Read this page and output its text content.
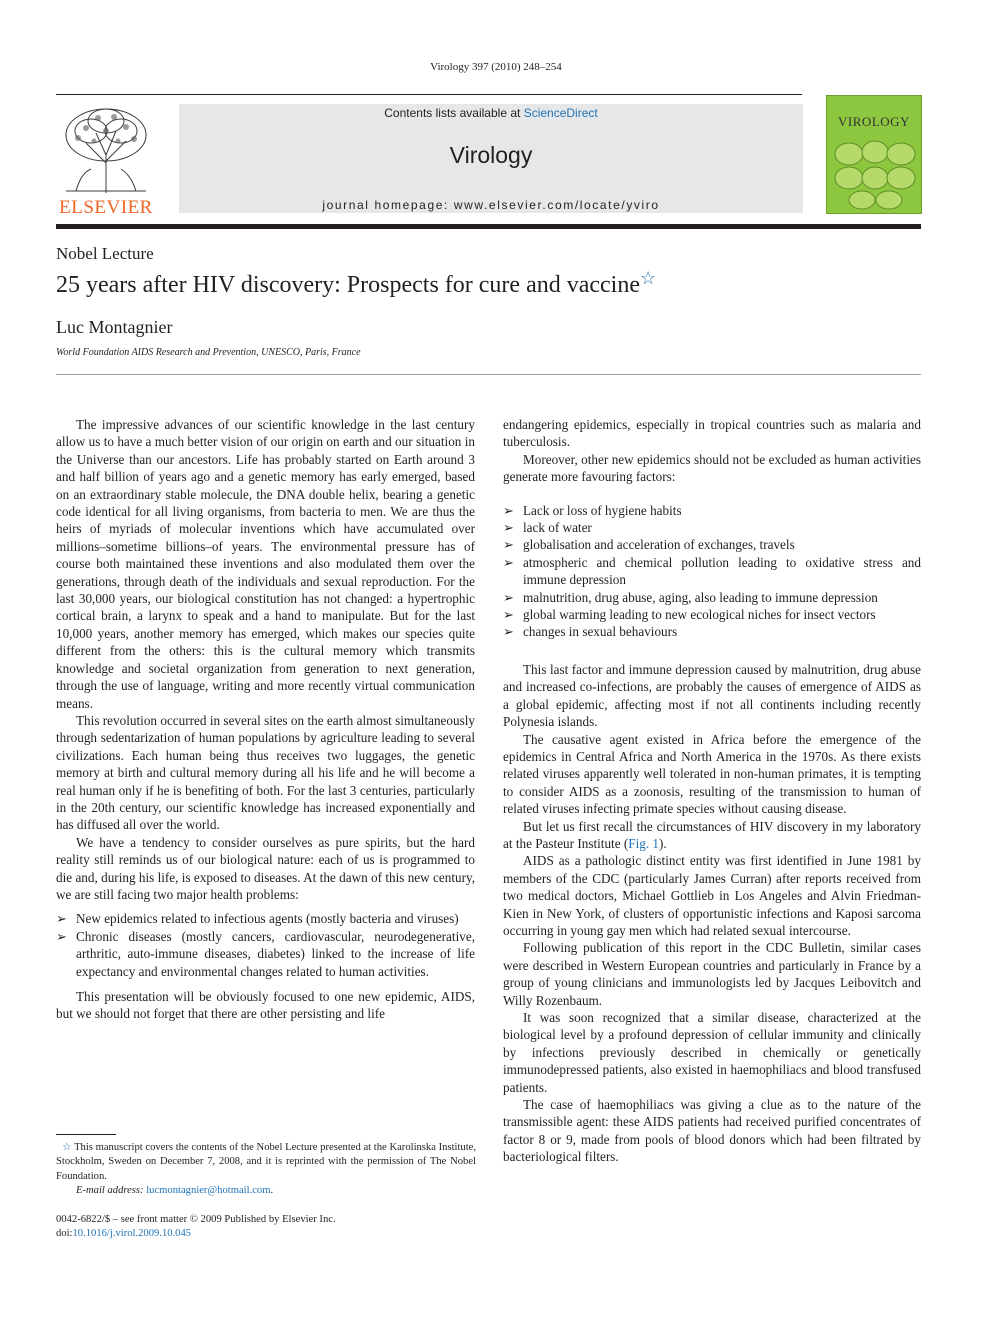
Virology 397 (2010) 248–254
ELSEVIER
Contents lists available at ScienceDirect
Virology
journal homepage: www.elsevier.com/locate/yviro
VIROLOGY
Nobel Lecture
25 years after HIV discovery: Prospects for cure and vaccine☆
Luc Montagnier
World Foundation AIDS Research and Prevention, UNESCO, Paris, France

The impressive advances of our scientific knowledge in the last century allow us to have a much better vision of our origin on earth and our situation in the Universe than our ancestors. Life has probably started on Earth around 3 and half billion of years ago and a genetic memory has early emerged, based on an extraordinary stable molecule, the DNA double helix, bearing a genetic code identical for all living organisms, from bacteria to men. We are thus the heirs of myriads of molecular inventions which have accumulated over millions–sometime billions–of years. The environmental pressure has of course both maintained these inventions and also modulated them over the generations, through death of the individuals and sexual reproduction. For the last 30,000 years, our biological constitution has not changed: a hypertrophic cortical brain, a larynx to speak and a hand to manipulate. But for the last 10,000 years, another memory has emerged, which makes our species quite different from the others: this is the cultural memory which transmits knowledge and societal organization from generation to next generation, through the use of language, writing and more recently virtual communication means.

This revolution occurred in several sites on the earth almost simultaneously through sedentarization of human populations by agriculture leading to several civilizations. Each human being thus receives two luggages, the genetic memory at birth and cultural memory during all his life and he will become a real human only if he is benefiting of both. For the last 3 centuries, particularly in the 20th century, our scientific knowledge has increased exponentially and has diffused all over the world.

We have a tendency to consider ourselves as pure spirits, but the hard reality still reminds us of our biological nature: each of us is programmed to die and, during his life, is exposed to diseases. At the dawn of this new century, we are still facing two major health problems:

➢ New epidemics related to infectious agents (mostly bacteria and viruses)
➢ Chronic diseases (mostly cancers, cardiovascular, neurodegenerative, arthritic, auto-immune diseases, diabetes) linked to the increase of life expectancy and environmental changes related to human activities.

This presentation will be obviously focused to one new epidemic, AIDS, but we should not forget that there are other persisting and life

endangering epidemics, especially in tropical countries such as malaria and tuberculosis.

Moreover, other new epidemics should not be excluded as human activities generate more favouring factors:

➢ Lack or loss of hygiene habits
➢ lack of water
➢ globalisation and acceleration of exchanges, travels
➢ atmospheric and chemical pollution leading to oxidative stress and immune depression
➢ malnutrition, drug abuse, aging, also leading to immune depression
➢ global warming leading to new ecological niches for insect vectors
➢ changes in sexual behaviours

This last factor and immune depression caused by malnutrition, drug abuse and increased co-infections, are probably the causes of emergence of AIDS as a global epidemic, affecting most if not all continents including recently Polynesia islands.

The causative agent existed in Africa before the emergence of the epidemics in Central Africa and North America in the 1970s. As there exists related viruses apparently well tolerated in non-human primates, it is tempting to consider AIDS as a zoonosis, resulting of the transmission to human of related viruses infecting primate species without causing disease.

But let us first recall the circumstances of HIV discovery in my laboratory at the Pasteur Institute (Fig. 1).

AIDS as a pathologic distinct entity was first identified in June 1981 by members of the CDC (particularly James Curran) after reports received from two medical doctors, Michael Gottlieb in Los Angeles and Alvin Friedman-Kien in New York, of clusters of opportunistic infections and Kaposi sarcoma occurring in young gay men which had related sexual intercourse.

Following publication of this report in the CDC Bulletin, similar cases were described in Western European countries and particularly in France by a group of young clinicians and immunologists led by Jacques Leibovitch and Willy Rozenbaum.

It was soon recognized that a similar disease, characterized at the biological level by a profound depression of cellular immunity and clinically by infections previously described in chemically or genetically immunodepressed patients, also existed in haemophiliacs and blood transfused patients.

The case of haemophiliacs was giving a clue as to the nature of the transmissible agent: these AIDS patients had received purified concentrates of factor 8 or 9, made from pools of blood donors which had been filtrated by bacteriological filters.

☆ This manuscript covers the contents of the Nobel Lecture presented at the Karolinska Institute, Stockholm, Sweden on December 7, 2008, and it is reprinted with the permission of The Nobel Foundation.
E-mail address: lucmontagnier@hotmail.com.
0042-6822/$ – see front matter © 2009 Published by Elsevier Inc.
doi:10.1016/j.virol.2009.10.045
